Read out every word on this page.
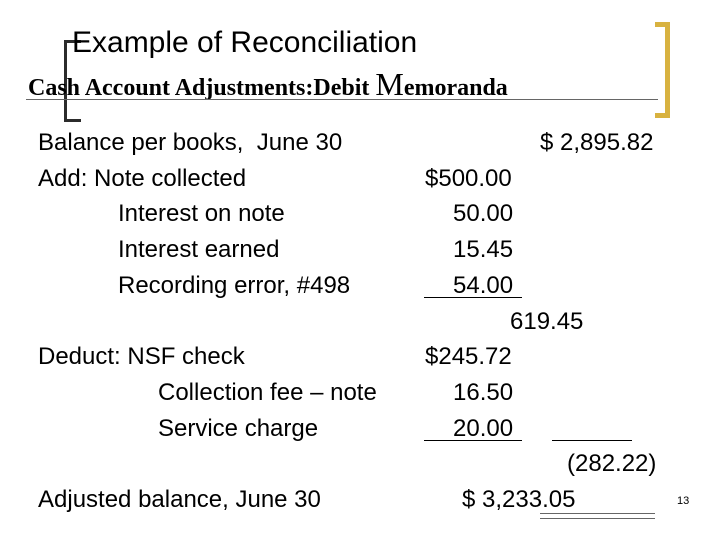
Example of Reconciliation
Cash Account Adjustments:Debit Memoranda
Balance per books,  June 30	$ 2,895.82
Add: Note collected	$500.00
Interest on note	50.00
Interest earned	15.45
Recording error, #498	54.00
619.45
Deduct: NSF check	$245.72
Collection fee – note	16.50
Service charge	20.00
(282.22)
Adjusted balance, June 30	$ 3,233.05	13
